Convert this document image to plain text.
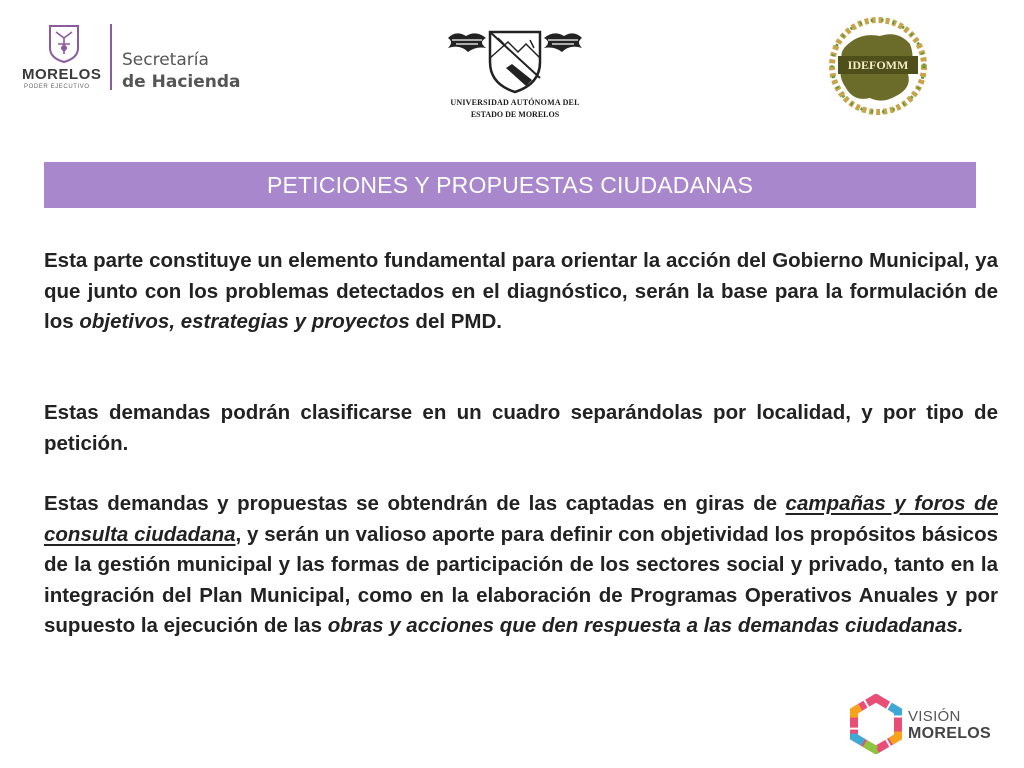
MORELOS
PODER EJECUTIVO
Secretaría
de Hacienda
UNIVERSIDAD AUTÓNOMA DEL
ESTADO DE MORELOS
IDEFOMM
PETICIONES Y PROPUESTAS CIUDADANAS

Esta parte constituye un elemento fundamental para orientar la acción del Gobierno Municipal, ya que junto con los problemas detectados en el diagnóstico, serán la base para la formulación de los objetivos, estrategias y proyectos del PMD.

Estas demandas podrán clasificarse en un cuadro separándolas por localidad, y por tipo de petición.

Estas demandas y propuestas se obtendrán de las captadas en giras de campañas y foros de consulta ciudadana, y serán un valioso aporte para definir con objetividad los propósitos básicos de la gestión municipal y las formas de participación de los sectores social y privado, tanto en la integración del Plan Municipal, como en la elaboración de Programas Operativos Anuales y por supuesto la ejecución de las obras y acciones que den respuesta a las demandas ciudadanas.

VISIÓN
MORELOS
